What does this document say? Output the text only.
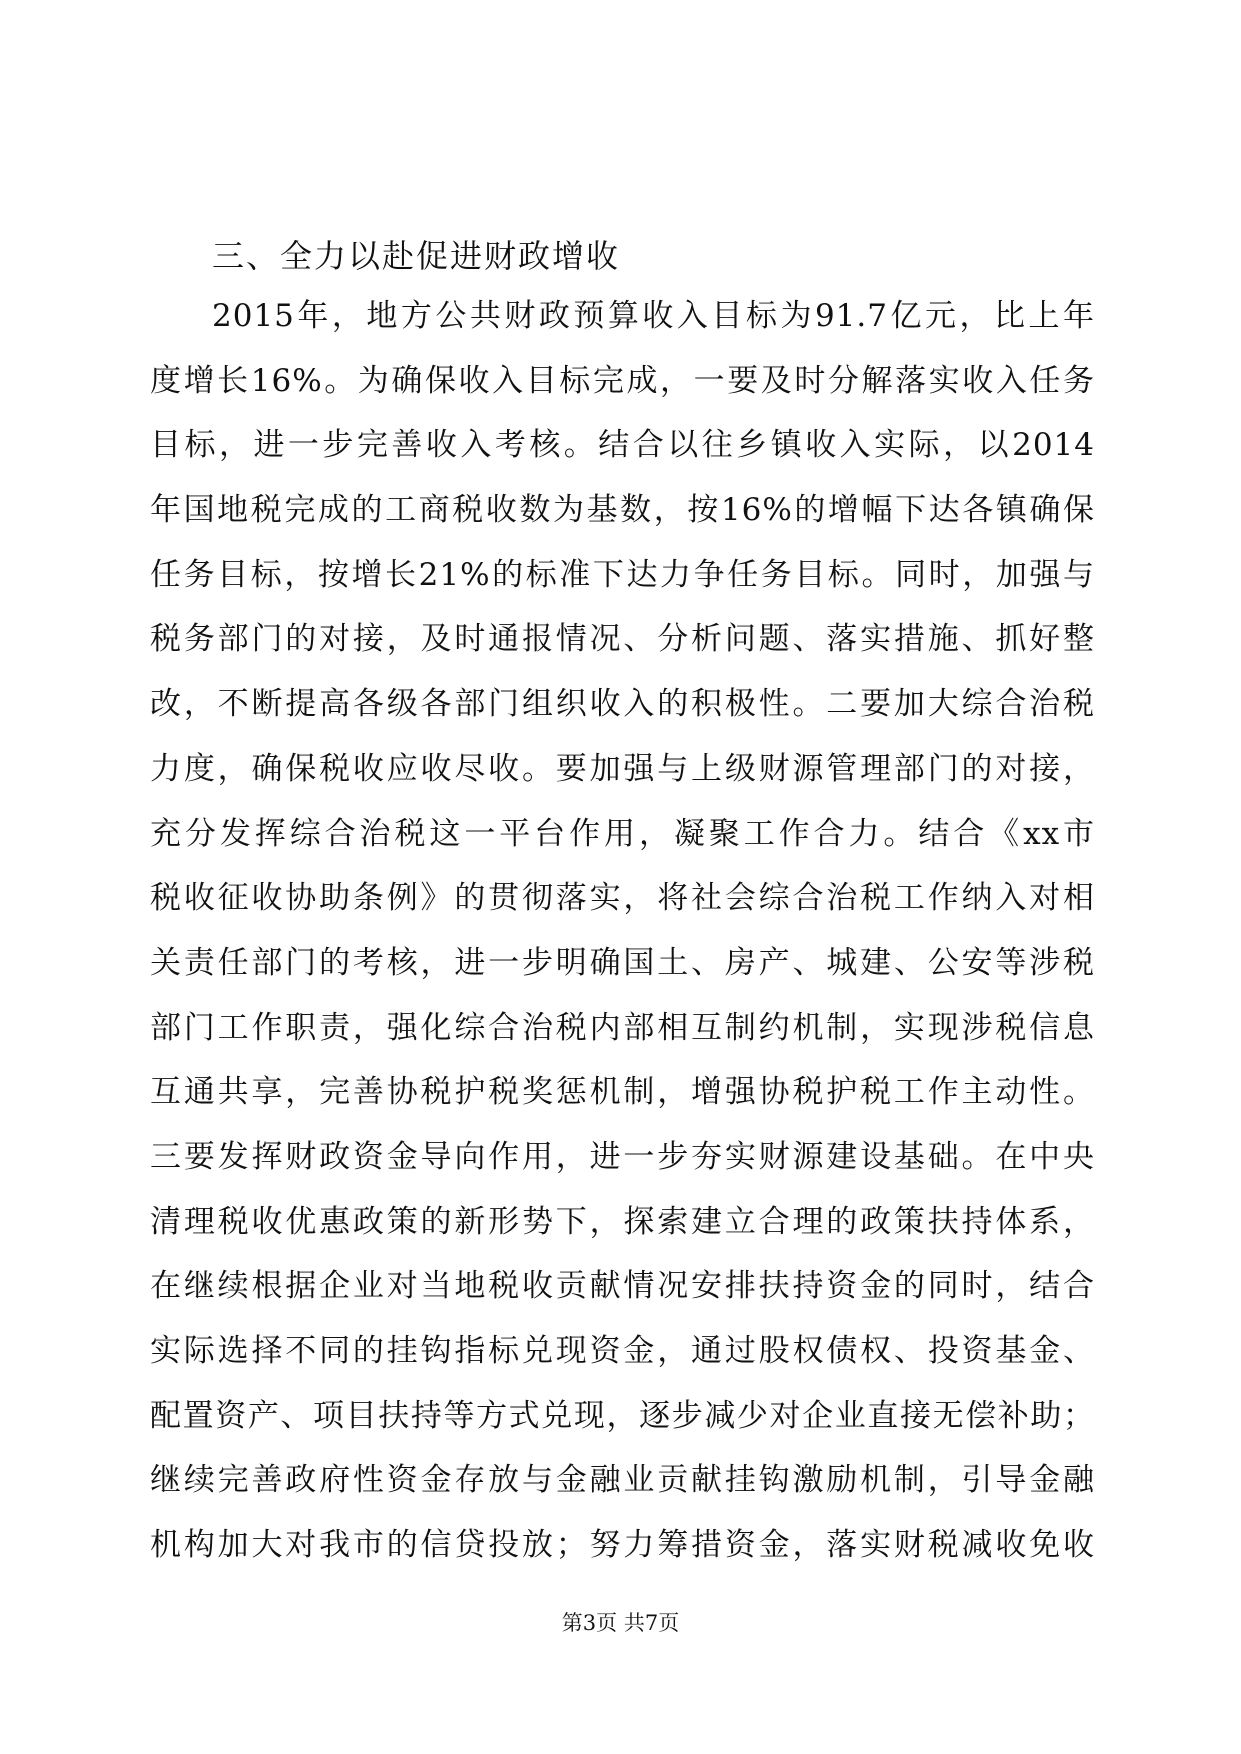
三、全力以赴促进财政增收
2015年，地方公共财政预算收入目标为91.7亿元，比上年
度增长16%。为确保收入目标完成，一要及时分解落实收入任务
目标，进一步完善收入考核。结合以往乡镇收入实际，以2014
年国地税完成的工商税收数为基数，按16%的增幅下达各镇确保
任务目标，按增长21%的标准下达力争任务目标。同时，加强与
税务部门的对接，及时通报情况、分析问题、落实措施、抓好整
改，不断提高各级各部门组织收入的积极性。二要加大综合治税
力度，确保税收应收尽收。要加强与上级财源管理部门的对接，
充分发挥综合治税这一平台作用，凝聚工作合力。结合《xx市
税收征收协助条例》的贯彻落实，将社会综合治税工作纳入对相
关责任部门的考核，进一步明确国土、房产、城建、公安等涉税
部门工作职责，强化综合治税内部相互制约机制，实现涉税信息
互通共享，完善协税护税奖惩机制，增强协税护税工作主动性。
三要发挥财政资金导向作用，进一步夯实财源建设基础。在中央
清理税收优惠政策的新形势下，探索建立合理的政策扶持体系，
在继续根据企业对当地税收贡献情况安排扶持资金的同时，结合
实际选择不同的挂钩指标兑现资金，通过股权债权、投资基金、
配置资产、项目扶持等方式兑现，逐步减少对企业直接无偿补助；
继续完善政府性资金存放与金融业贡献挂钩激励机制，引导金融
机构加大对我市的信贷投放；努力筹措资金，落实财税减收免收
第3页 共7页
